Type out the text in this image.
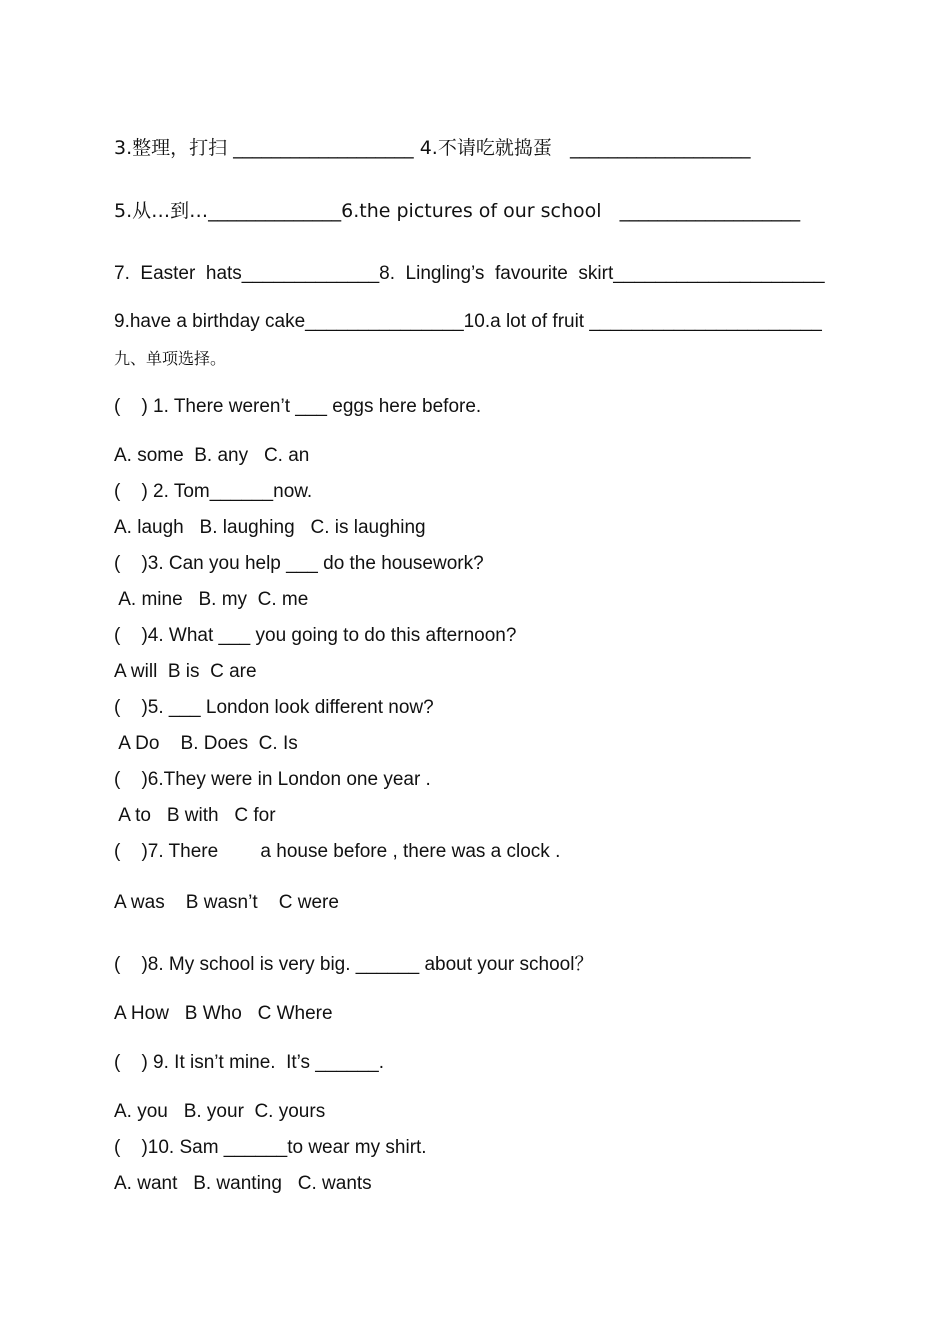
3.整理，打扫 ___________________ 4.不请吃就捣蛋   ___________________
5.从…到…______________6.the pictures of our school   ___________________
7.  Easter  hats_____________8.  Lingling’s  favourite  skirt____________________
9.have a birthday cake_______________10.a lot of fruit ______________________
九、单项选择。
(    ) 1. There weren’t ___ eggs here before.
A. some  B. any   C. an
(    ) 2. Tom______now.
A. laugh   B. laughing   C. is laughing
(    )3. Can you help ___ do the housework?
A. mine   B. my  C. me
(    )4. What ___ you going to do this afternoon?
A will  B is  C are
(    )5. ___ London look different now?
A Do    B. Does  C. Is
(    )6.They were in London one year .
A to   B with   C for
(    )7. There        a house before , there was a clock .
A was    B wasn’t    C were
(    )8. My school is very big. ______ about your school？
A How   B Who   C Where
(    ) 9. It isn’t mine.  It’s ______.
A. you   B. your  C. yours
(    )10. Sam ______to wear my shirt.
A. want   B. wanting   C. wants
